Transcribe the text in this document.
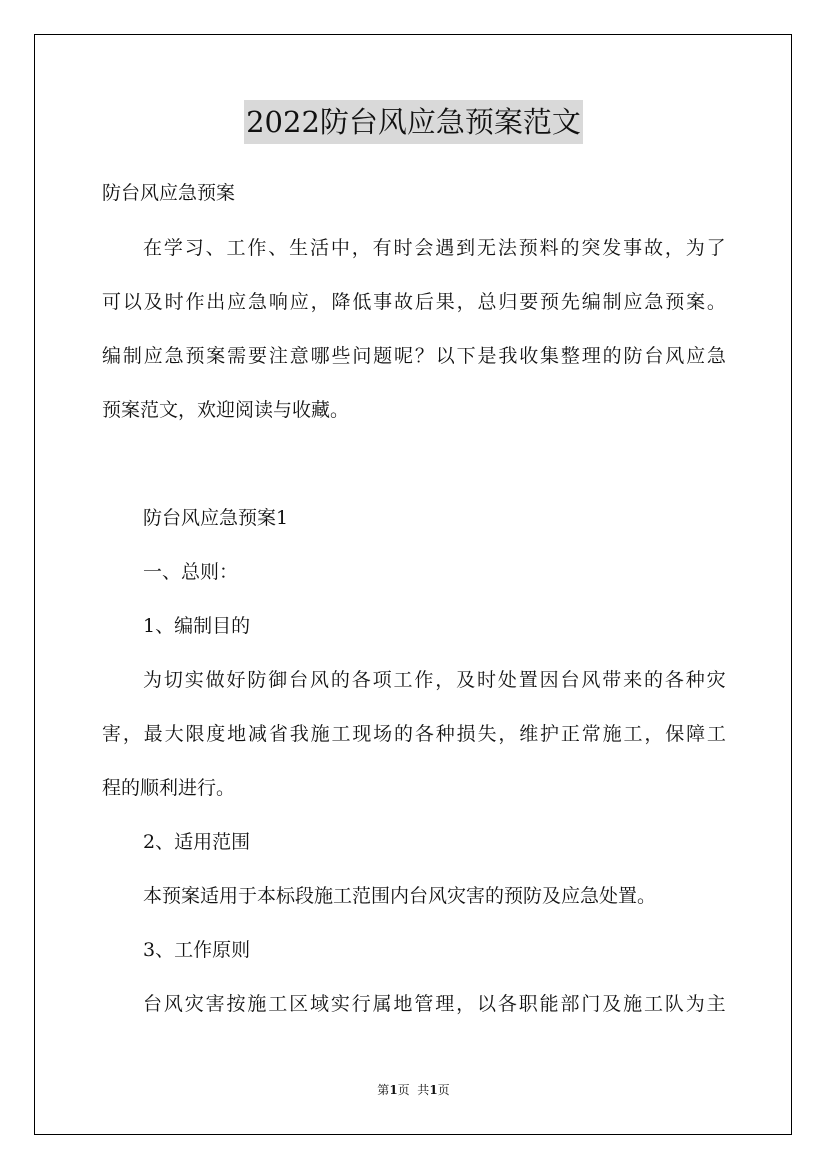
2022防台风应急预案范文
防台风应急预案
在 学 习 、 工 作 、 生 活 中 ， 有 时 会 遇 到 无 法 预 料 的 突 发 事 故 ， 为 了
可 以 及 时 作 出 应 急 响 应 ， 降 低 事 故 后 果 ， 总 归 要 预 先 编 制 应 急 预 案 。
编 制 应 急 预 案 需 要 注 意 哪 些 问 题 呢 ？ 以 下 是 我 收 集 整 理 的 防 台 风 应 急
预案范文，欢迎阅读与收藏。
防台风应急预案1
一、总则：
1、编制目的
为 切 实 做 好 防 御 台 风 的 各 项 工 作 ， 及 时 处 置 因 台 风 带 来 的 各 种 灾
害 ， 最 大 限 度 地 减 省 我 施 工 现 场 的 各 种 损 失 ， 维 护 正 常 施 工 ， 保 障 工
程的顺利进行。
2、适用范围
本预案适用于本标段施工范围内台风灾害的预防及应急处置。
3、工作原则
台 风 灾 害 按 施 工 区 域 实 行 属 地 管 理 ， 以 各 职 能 部 门 及 施 工 队 为 主
第1页  共1页
